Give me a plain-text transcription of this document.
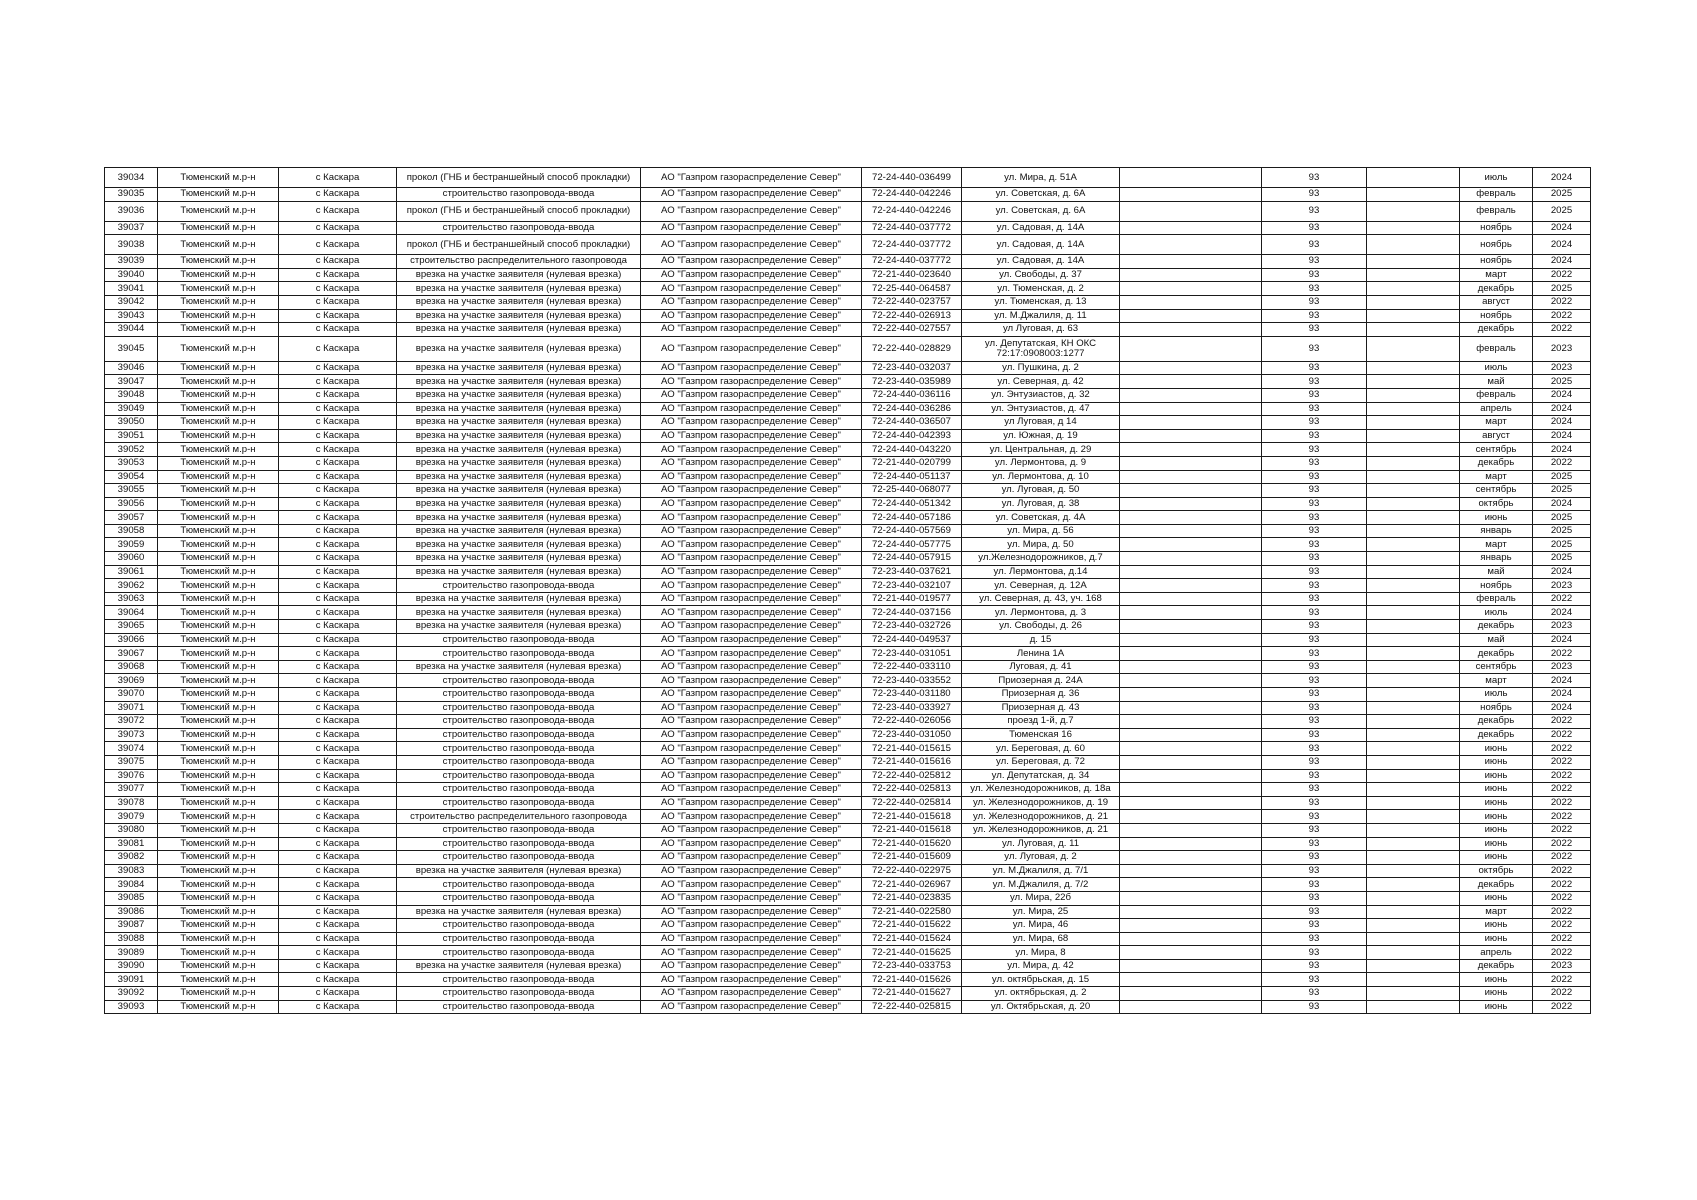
39034	Тюменский м.р-н	с Каскара	прокол (ГНБ и бестраншейный способ прокладки)	АО "Газпром газораспределение Север"	72-24-440-036499	ул. Мира, д. 51А		93		июль	2024
39035	Тюменский м.р-н	с Каскара	строительство газопровода-ввода	АО "Газпром газораспределение Север"	72-24-440-042246	ул. Советская, д. 6А		93		февраль	2025
39036	Тюменский м.р-н	с Каскара	прокол (ГНБ и бестраншейный способ прокладки)	АО "Газпром газораспределение Север"	72-24-440-042246	ул. Советская, д. 6А		93		февраль	2025
39037	Тюменский м.р-н	с Каскара	строительство газопровода-ввода	АО "Газпром газораспределение Север"	72-24-440-037772	ул. Садовая, д. 14А		93		ноябрь	2024
39038	Тюменский м.р-н	с Каскара	прокол (ГНБ и бестраншейный способ прокладки)	АО "Газпром газораспределение Север"	72-24-440-037772	ул. Садовая, д. 14А		93		ноябрь	2024
39039	Тюменский м.р-н	с Каскара	строительство распределительного газопровода	АО "Газпром газораспределение Север"	72-24-440-037772	ул. Садовая, д. 14А		93		ноябрь	2024
39040	Тюменский м.р-н	с Каскара	врезка на участке заявителя (нулевая врезка)	АО "Газпром газораспределение Север"	72-21-440-023640	ул. Свободы, д. 37		93		март	2022
39041	Тюменский м.р-н	с Каскара	врезка на участке заявителя (нулевая врезка)	АО "Газпром газораспределение Север"	72-25-440-064587	ул. Тюменская, д. 2		93		декабрь	2025
39042	Тюменский м.р-н	с Каскара	врезка на участке заявителя (нулевая врезка)	АО "Газпром газораспределение Север"	72-22-440-023757	ул. Тюменская, д. 13		93		август	2022
39043	Тюменский м.р-н	с Каскара	врезка на участке заявителя (нулевая врезка)	АО "Газпром газораспределение Север"	72-22-440-026913	ул. М.Джалиля, д. 11		93		ноябрь	2022
39044	Тюменский м.р-н	с Каскара	врезка на участке заявителя (нулевая врезка)	АО "Газпром газораспределение Север"	72-22-440-027557	ул Луговая, д. 63		93		декабрь	2022
39045	Тюменский м.р-н	с Каскара	врезка на участке заявителя (нулевая врезка)	АО "Газпром газораспределение Север"	72-22-440-028829	ул. Депутатская, КН ОКС 72:17:0908003:1277		93		февраль	2023
39046	Тюменский м.р-н	с Каскара	врезка на участке заявителя (нулевая врезка)	АО "Газпром газораспределение Север"	72-23-440-032037	ул. Пушкина, д. 2		93		июль	2023
39047	Тюменский м.р-н	с Каскара	врезка на участке заявителя (нулевая врезка)	АО "Газпром газораспределение Север"	72-23-440-035989	ул. Северная, д. 42		93		май	2025
39048	Тюменский м.р-н	с Каскара	врезка на участке заявителя (нулевая врезка)	АО "Газпром газораспределение Север"	72-24-440-036116	ул. Энтузиастов, д. 32		93		февраль	2024
39049	Тюменский м.р-н	с Каскара	врезка на участке заявителя (нулевая врезка)	АО "Газпром газораспределение Север"	72-24-440-036286	ул. Энтузиастов, д. 47		93		апрель	2024
39050	Тюменский м.р-н	с Каскара	врезка на участке заявителя (нулевая врезка)	АО "Газпром газораспределение Север"	72-24-440-036507	ул Луговая, д 14		93		март	2024
39051	Тюменский м.р-н	с Каскара	врезка на участке заявителя (нулевая врезка)	АО "Газпром газораспределение Север"	72-24-440-042393	ул. Южная, д. 19		93		август	2024
39052	Тюменский м.р-н	с Каскара	врезка на участке заявителя (нулевая врезка)	АО "Газпром газораспределение Север"	72-24-440-043220	ул. Центральная, д. 29		93		сентябрь	2024
39053	Тюменский м.р-н	с Каскара	врезка на участке заявителя (нулевая врезка)	АО "Газпром газораспределение Север"	72-21-440-020799	ул. Лермонтова, д. 9		93		декабрь	2022
39054	Тюменский м.р-н	с Каскара	врезка на участке заявителя (нулевая врезка)	АО "Газпром газораспределение Север"	72-24-440-051137	ул. Лермонтова, д. 10		93		март	2025
39055	Тюменский м.р-н	с Каскара	врезка на участке заявителя (нулевая врезка)	АО "Газпром газораспределение Север"	72-25-440-068077	ул. Луговая, д. 50		93		сентябрь	2025
39056	Тюменский м.р-н	с Каскара	врезка на участке заявителя (нулевая врезка)	АО "Газпром газораспределение Север"	72-24-440-051342	ул. Луговая, д. 38		93		октябрь	2024
39057	Тюменский м.р-н	с Каскара	врезка на участке заявителя (нулевая врезка)	АО "Газпром газораспределение Север"	72-24-440-057186	ул. Советская, д. 4А		93		июнь	2025
39058	Тюменский м.р-н	с Каскара	врезка на участке заявителя (нулевая врезка)	АО "Газпром газораспределение Север"	72-24-440-057569	ул. Мира, д. 56		93		январь	2025
39059	Тюменский м.р-н	с Каскара	врезка на участке заявителя (нулевая врезка)	АО "Газпром газораспределение Север"	72-24-440-057775	ул. Мира, д. 50		93		март	2025
39060	Тюменский м.р-н	с Каскара	врезка на участке заявителя (нулевая врезка)	АО "Газпром газораспределение Север"	72-24-440-057915	ул.Железнодорожников, д.7		93		январь	2025
39061	Тюменский м.р-н	с Каскара	врезка на участке заявителя (нулевая врезка)	АО "Газпром газораспределение Север"	72-23-440-037621	ул. Лермонтова, д.14		93		май	2024
39062	Тюменский м.р-н	с Каскара	строительство газопровода-ввода	АО "Газпром газораспределение Север"	72-23-440-032107	ул. Северная, д. 12А		93		ноябрь	2023
39063	Тюменский м.р-н	с Каскара	врезка на участке заявителя (нулевая врезка)	АО "Газпром газораспределение Север"	72-21-440-019577	ул. Северная, д. 43, уч. 168		93		февраль	2022
39064	Тюменский м.р-н	с Каскара	врезка на участке заявителя (нулевая врезка)	АО "Газпром газораспределение Север"	72-24-440-037156	ул. Лермонтова, д. 3		93		июль	2024
39065	Тюменский м.р-н	с Каскара	врезка на участке заявителя (нулевая врезка)	АО "Газпром газораспределение Север"	72-23-440-032726	ул. Свободы, д. 26		93		декабрь	2023
39066	Тюменский м.р-н	с Каскара	строительство газопровода-ввода	АО "Газпром газораспределение Север"	72-24-440-049537	д. 15		93		май	2024
39067	Тюменский м.р-н	с Каскара	строительство газопровода-ввода	АО "Газпром газораспределение Север"	72-23-440-031051	Ленина 1А		93		декабрь	2022
39068	Тюменский м.р-н	с Каскара	врезка на участке заявителя (нулевая врезка)	АО "Газпром газораспределение Север"	72-22-440-033110	Луговая, д. 41		93		сентябрь	2023
39069	Тюменский м.р-н	с Каскара	строительство газопровода-ввода	АО "Газпром газораспределение Север"	72-23-440-033552	Приозерная д. 24А		93		март	2024
39070	Тюменский м.р-н	с Каскара	строительство газопровода-ввода	АО "Газпром газораспределение Север"	72-23-440-031180	Приозерная д. 36		93		июль	2024
39071	Тюменский м.р-н	с Каскара	строительство газопровода-ввода	АО "Газпром газораспределение Север"	72-23-440-033927	Приозерная д. 43		93		ноябрь	2024
39072	Тюменский м.р-н	с Каскара	строительство газопровода-ввода	АО "Газпром газораспределение Север"	72-22-440-026056	проезд 1-й, д.7		93		декабрь	2022
39073	Тюменский м.р-н	с Каскара	строительство газопровода-ввода	АО "Газпром газораспределение Север"	72-23-440-031050	Тюменская 16		93		декабрь	2022
39074	Тюменский м.р-н	с Каскара	строительство газопровода-ввода	АО "Газпром газораспределение Север"	72-21-440-015615	ул. Береговая, д. 60		93		июнь	2022
39075	Тюменский м.р-н	с Каскара	строительство газопровода-ввода	АО "Газпром газораспределение Север"	72-21-440-015616	ул. Береговая, д. 72		93		июнь	2022
39076	Тюменский м.р-н	с Каскара	строительство газопровода-ввода	АО "Газпром газораспределение Север"	72-22-440-025812	ул. Депутатская, д. 34		93		июнь	2022
39077	Тюменский м.р-н	с Каскара	строительство газопровода-ввода	АО "Газпром газораспределение Север"	72-22-440-025813	ул. Железнодорожников, д. 18а		93		июнь	2022
39078	Тюменский м.р-н	с Каскара	строительство газопровода-ввода	АО "Газпром газораспределение Север"	72-22-440-025814	ул. Железнодорожников, д. 19		93		июнь	2022
39079	Тюменский м.р-н	с Каскара	строительство распределительного газопровода	АО "Газпром газораспределение Север"	72-21-440-015618	ул. Железнодорожников, д. 21		93		июнь	2022
39080	Тюменский м.р-н	с Каскара	строительство газопровода-ввода	АО "Газпром газораспределение Север"	72-21-440-015618	ул. Железнодорожников, д. 21		93		июнь	2022
39081	Тюменский м.р-н	с Каскара	строительство газопровода-ввода	АО "Газпром газораспределение Север"	72-21-440-015620	ул. Луговая, д. 11		93		июнь	2022
39082	Тюменский м.р-н	с Каскара	строительство газопровода-ввода	АО "Газпром газораспределение Север"	72-21-440-015609	ул. Луговая, д. 2		93		июнь	2022
39083	Тюменский м.р-н	с Каскара	врезка на участке заявителя (нулевая врезка)	АО "Газпром газораспределение Север"	72-22-440-022975	ул. М.Джалиля, д. 7/1		93		октябрь	2022
39084	Тюменский м.р-н	с Каскара	строительство газопровода-ввода	АО "Газпром газораспределение Север"	72-21-440-026967	ул. М.Джалиля, д. 7/2		93		декабрь	2022
39085	Тюменский м.р-н	с Каскара	строительство газопровода-ввода	АО "Газпром газораспределение Север"	72-21-440-023835	ул. Мира, 22б		93		июнь	2022
39086	Тюменский м.р-н	с Каскара	врезка на участке заявителя (нулевая врезка)	АО "Газпром газораспределение Север"	72-21-440-022580	ул. Мира, 25		93		март	2022
39087	Тюменский м.р-н	с Каскара	строительство газопровода-ввода	АО "Газпром газораспределение Север"	72-21-440-015622	ул. Мира, 46		93		июнь	2022
39088	Тюменский м.р-н	с Каскара	строительство газопровода-ввода	АО "Газпром газораспределение Север"	72-21-440-015624	ул. Мира, 68		93		июнь	2022
39089	Тюменский м.р-н	с Каскара	строительство газопровода-ввода	АО "Газпром газораспределение Север"	72-21-440-015625	ул. Мира, 8		93		апрель	2022
39090	Тюменский м.р-н	с Каскара	врезка на участке заявителя (нулевая врезка)	АО "Газпром газораспределение Север"	72-23-440-033753	ул. Мира, д. 42		93		декабрь	2023
39091	Тюменский м.р-н	с Каскара	строительство газопровода-ввода	АО "Газпром газораспределение Север"	72-21-440-015626	ул. октябрьская, д. 15		93		июнь	2022
39092	Тюменский м.р-н	с Каскара	строительство газопровода-ввода	АО "Газпром газораспределение Север"	72-21-440-015627	ул. октябрьская, д. 2		93		июнь	2022
39093	Тюменский м.р-н	с Каскара	строительство газопровода-ввода	АО "Газпром газораспределение Север"	72-22-440-025815	ул. Октябрьская, д. 20		93		июнь	2022
